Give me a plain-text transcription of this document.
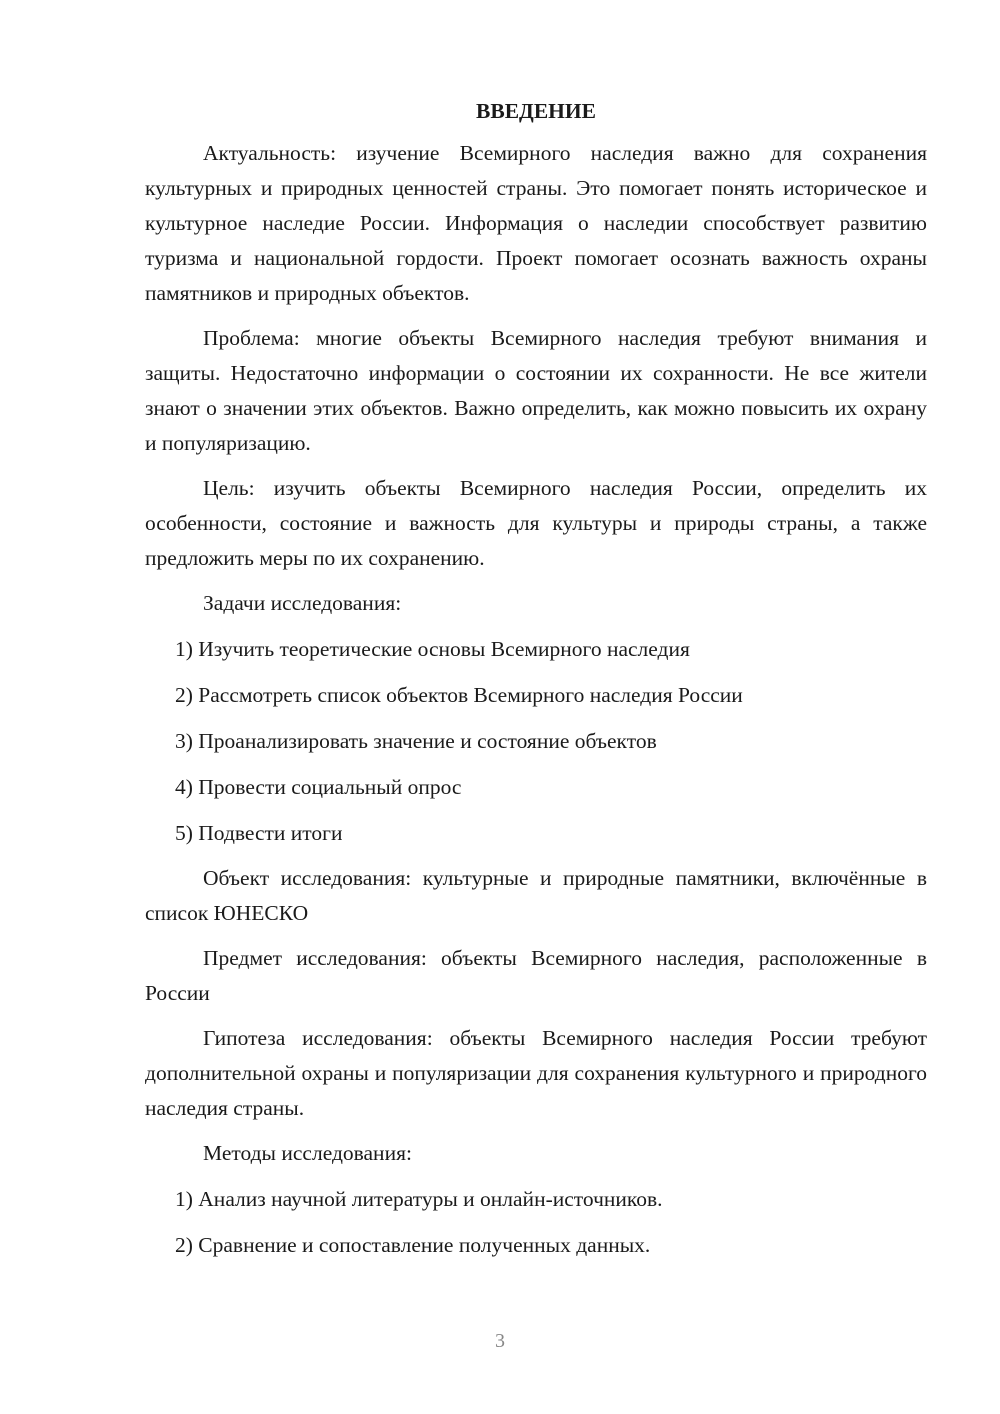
ВВЕДЕНИЕ

Актуальность: изучение Всемирного наследия важно для сохранения культурных и природных ценностей страны. Это помогает понять историческое и культурное наследие России. Информация о наследии способствует развитию туризма и национальной гордости. Проект помогает осознать важность охраны памятников и природных объектов.

Проблема: многие объекты Всемирного наследия требуют внимания и защиты. Недостаточно информации о состоянии их сохранности. Не все жители знают о значении этих объектов. Важно определить, как можно повысить их охрану и популяризацию.

Цель: изучить объекты Всемирного наследия России, определить их особенности, состояние и важность для культуры и природы страны, а также предложить меры по их сохранению.

Задачи исследования:

1) Изучить теоретические основы Всемирного наследия
2) Рассмотреть список объектов Всемирного наследия России
3) Проанализировать значение и состояние объектов
4) Провести социальный опрос
5) Подвести итоги

Объект исследования: культурные и природные памятники, включённые в список ЮНЕСКО

Предмет исследования: объекты Всемирного наследия, расположенные в России

Гипотеза исследования: объекты Всемирного наследия России требуют дополнительной охраны и популяризации для сохранения культурного и природного наследия страны.

Методы исследования:

1) Анализ научной литературы и онлайн-источников.
2) Сравнение и сопоставление полученных данных.
3
